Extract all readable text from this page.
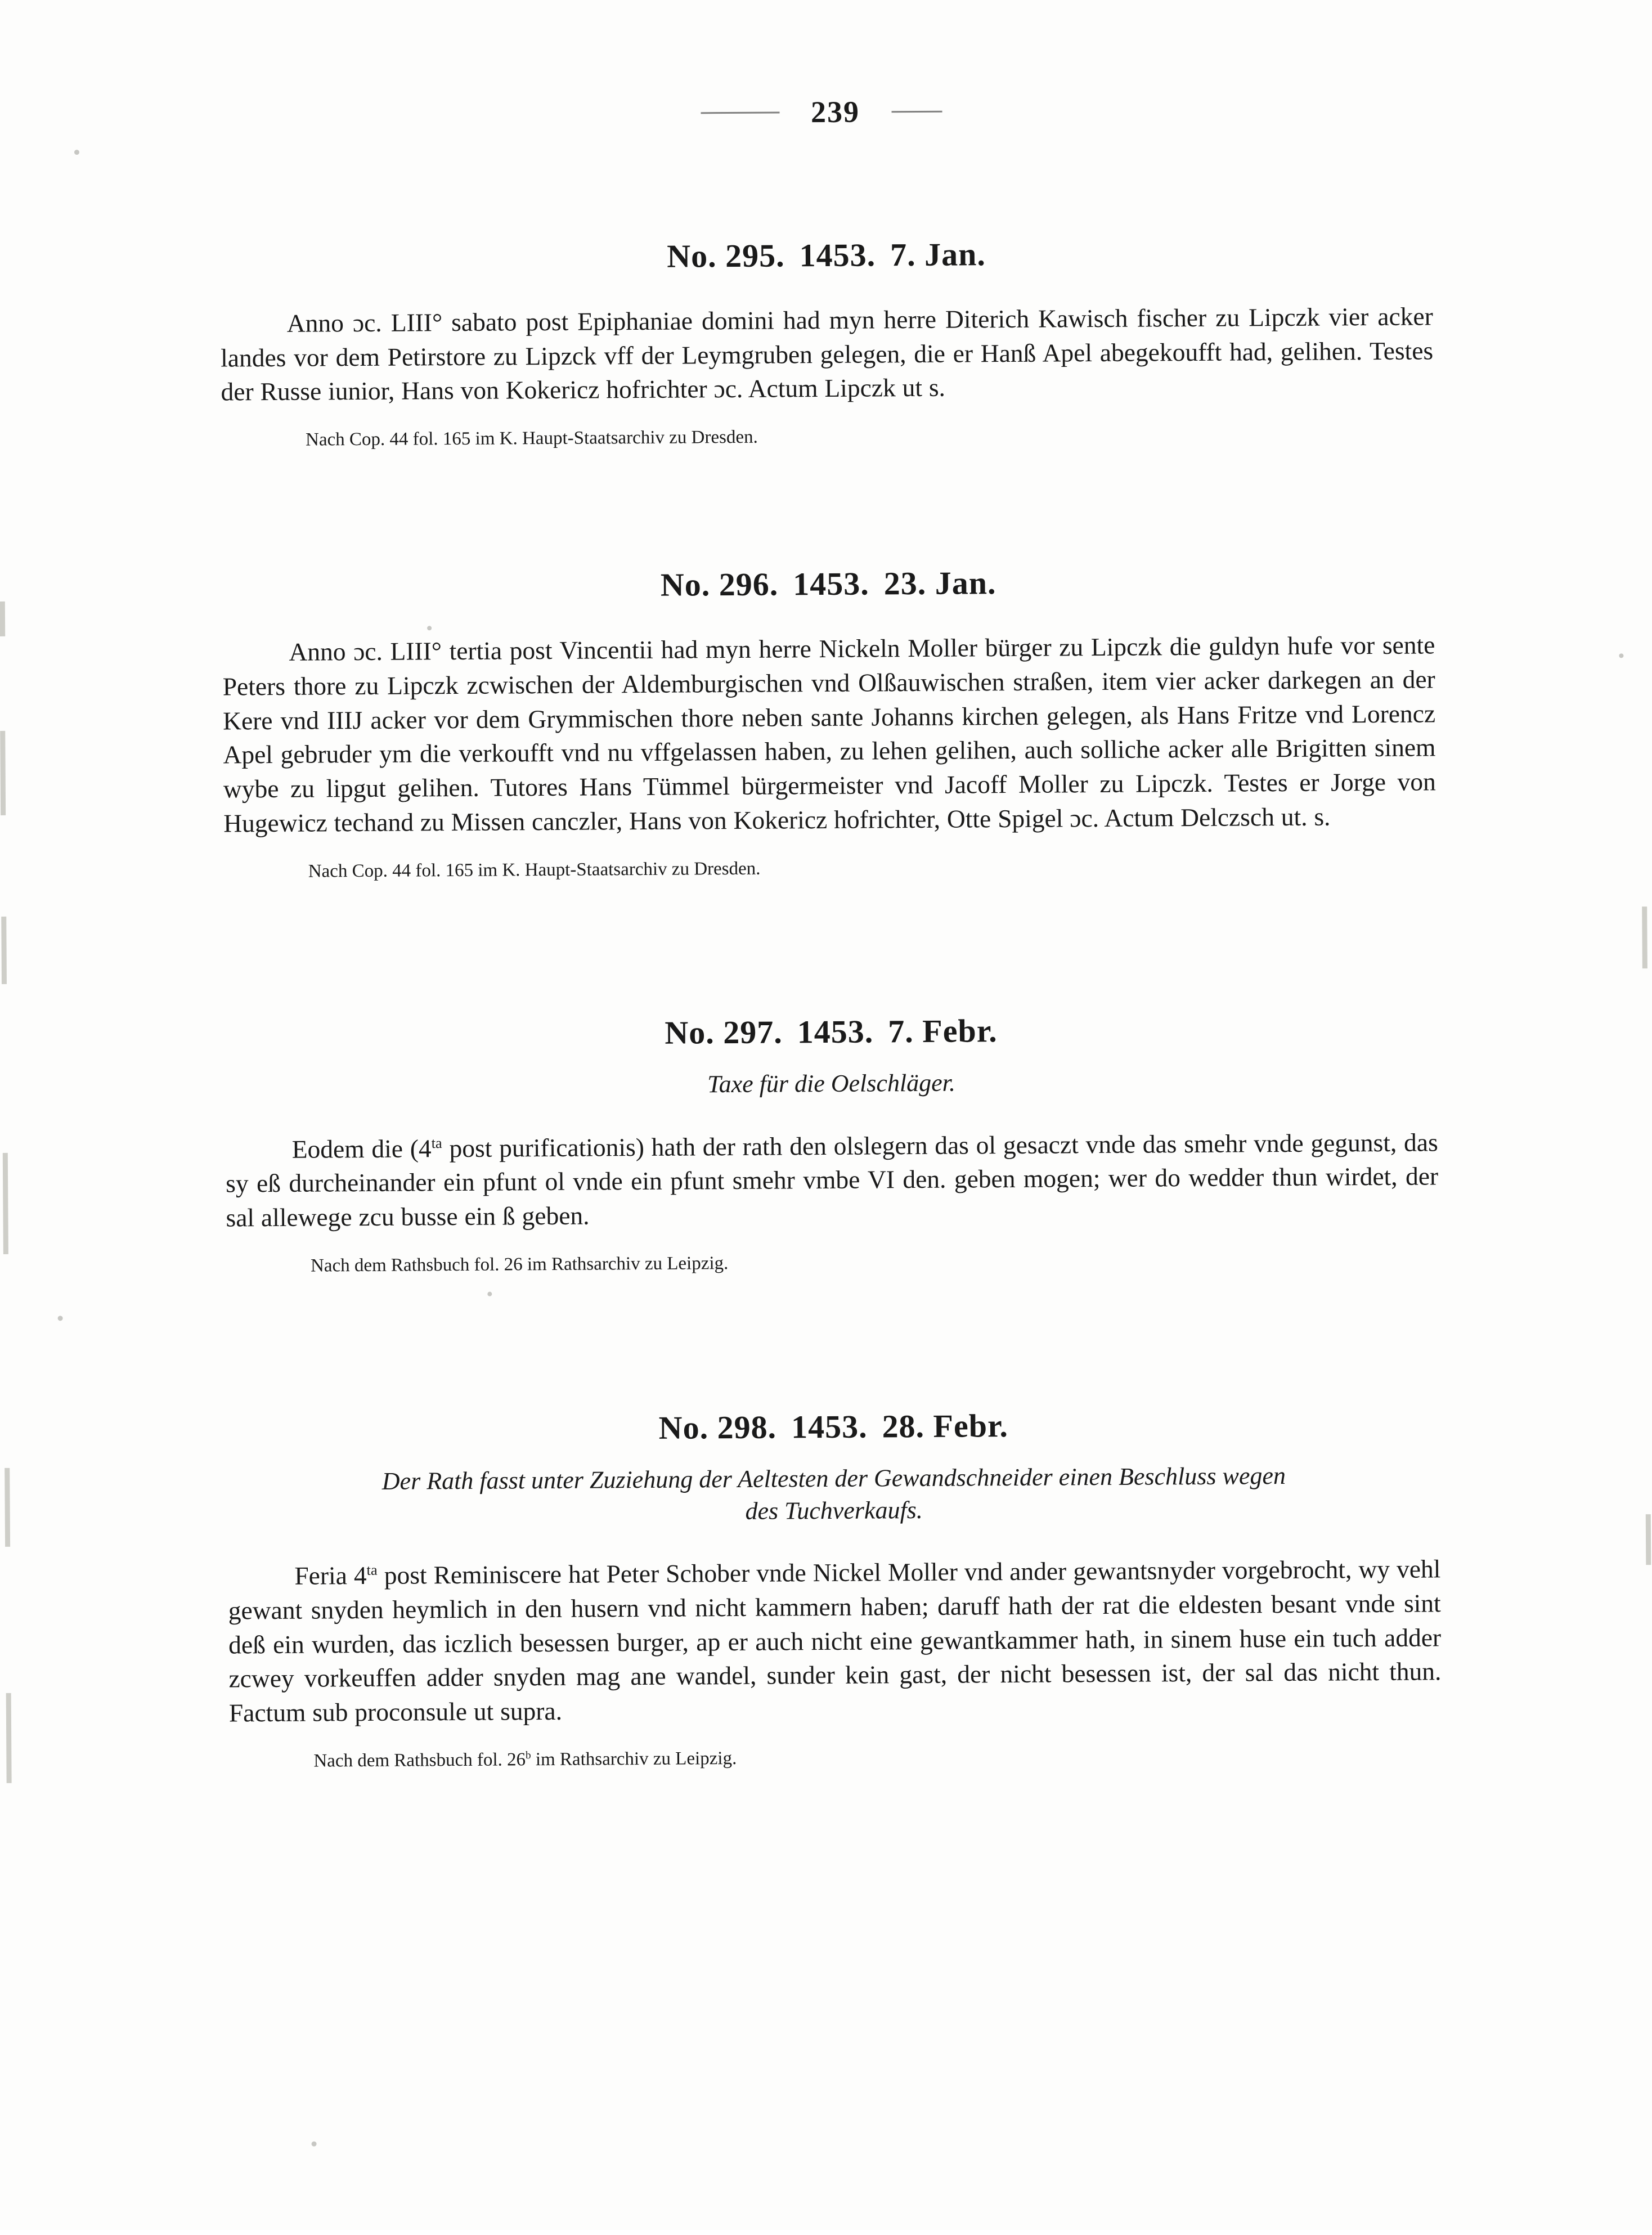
239

No. 295. 1453. 7. Jan.

Anno ɔc. LIII° sabato post Epiphaniae domini had myn herre Diterich Kawisch fischer zu Lipczk vier acker landes vor dem Petirstore zu Lipzck vff der Leymgruben gelegen, die er Hanß Apel abegekoufft had, gelihen. Testes der Russe iunior, Hans von Kokericz hofrichter ɔc. Actum Lipczk ut s.

Nach Cop. 44 fol. 165 im K. Haupt-Staatsarchiv zu Dresden.

No. 296. 1453. 23. Jan.

Anno ɔc. LIII° tertia post Vincentii had myn herre Nickeln Moller bürger zu Lipczk die guldyn hufe vor sente Peters thore zu Lipczk zcwischen der Aldemburgischen vnd Olßauwischen straßen, item vier acker darkegen an der Kere vnd IIIJ acker vor dem Grymmischen thore neben sante Johanns kirchen gelegen, als Hans Fritze vnd Lorencz Apel gebruder ym die verkoufft vnd nu vffgelassen haben, zu lehen gelihen, auch solliche acker alle Brigitten sinem wybe zu lipgut gelihen. Tutores Hans Tümmel bürgermeister vnd Jacoff Moller zu Lipczk. Testes er Jorge von Hugewicz techand zu Missen canczler, Hans von Kokericz hofrichter, Otte Spigel ɔc. Actum Delczsch ut. s.

Nach Cop. 44 fol. 165 im K. Haupt-Staatsarchiv zu Dresden.

No. 297. 1453. 7. Febr.

Taxe für die Oelschläger.

Eodem die ($4^{ta}$ post purificationis) hath der rath den olslegern das ol gesaczt vnde das smehr vnde gegunst, das sy eß durcheinander ein pfunt ol vnde ein pfunt smehr vmbe VI den. geben mogen; wer do wedder thun wirdet, der sal allewege zcu busse ein ß geben.

Nach dem Rathsbuch fol. 26 im Rathsarchiv zu Leipzig.

No. 298. 1453. 28. Febr.

Der Rath fasst unter Zuziehung der Aeltesten der Gewandschneider einen Beschluss wegen

des Tuchverkaufs.

Feria $4^{ta}$ post Reminiscere hat Peter Schober vnde Nickel Moller vnd ander gewantsnyder vorgebrocht, wy vehl gewant snyden heymlich in den husern vnd nicht kammern haben; daruff hath der rat die eldesten besant vnde sint deß ein wurden, das iczlich besessen burger, ap er auch nicht eine gewantkammer hath, in sinem huse ein tuch adder zcwey vorkeuffen adder snyden mag ane wandel, sunder kein gast, der nicht besessen ist, der sal das nicht thun. Factum sub proconsule ut supra.

Nach dem Rathsbuch fol. 26$^b$ im Rathsarchiv zu Leipzig.
